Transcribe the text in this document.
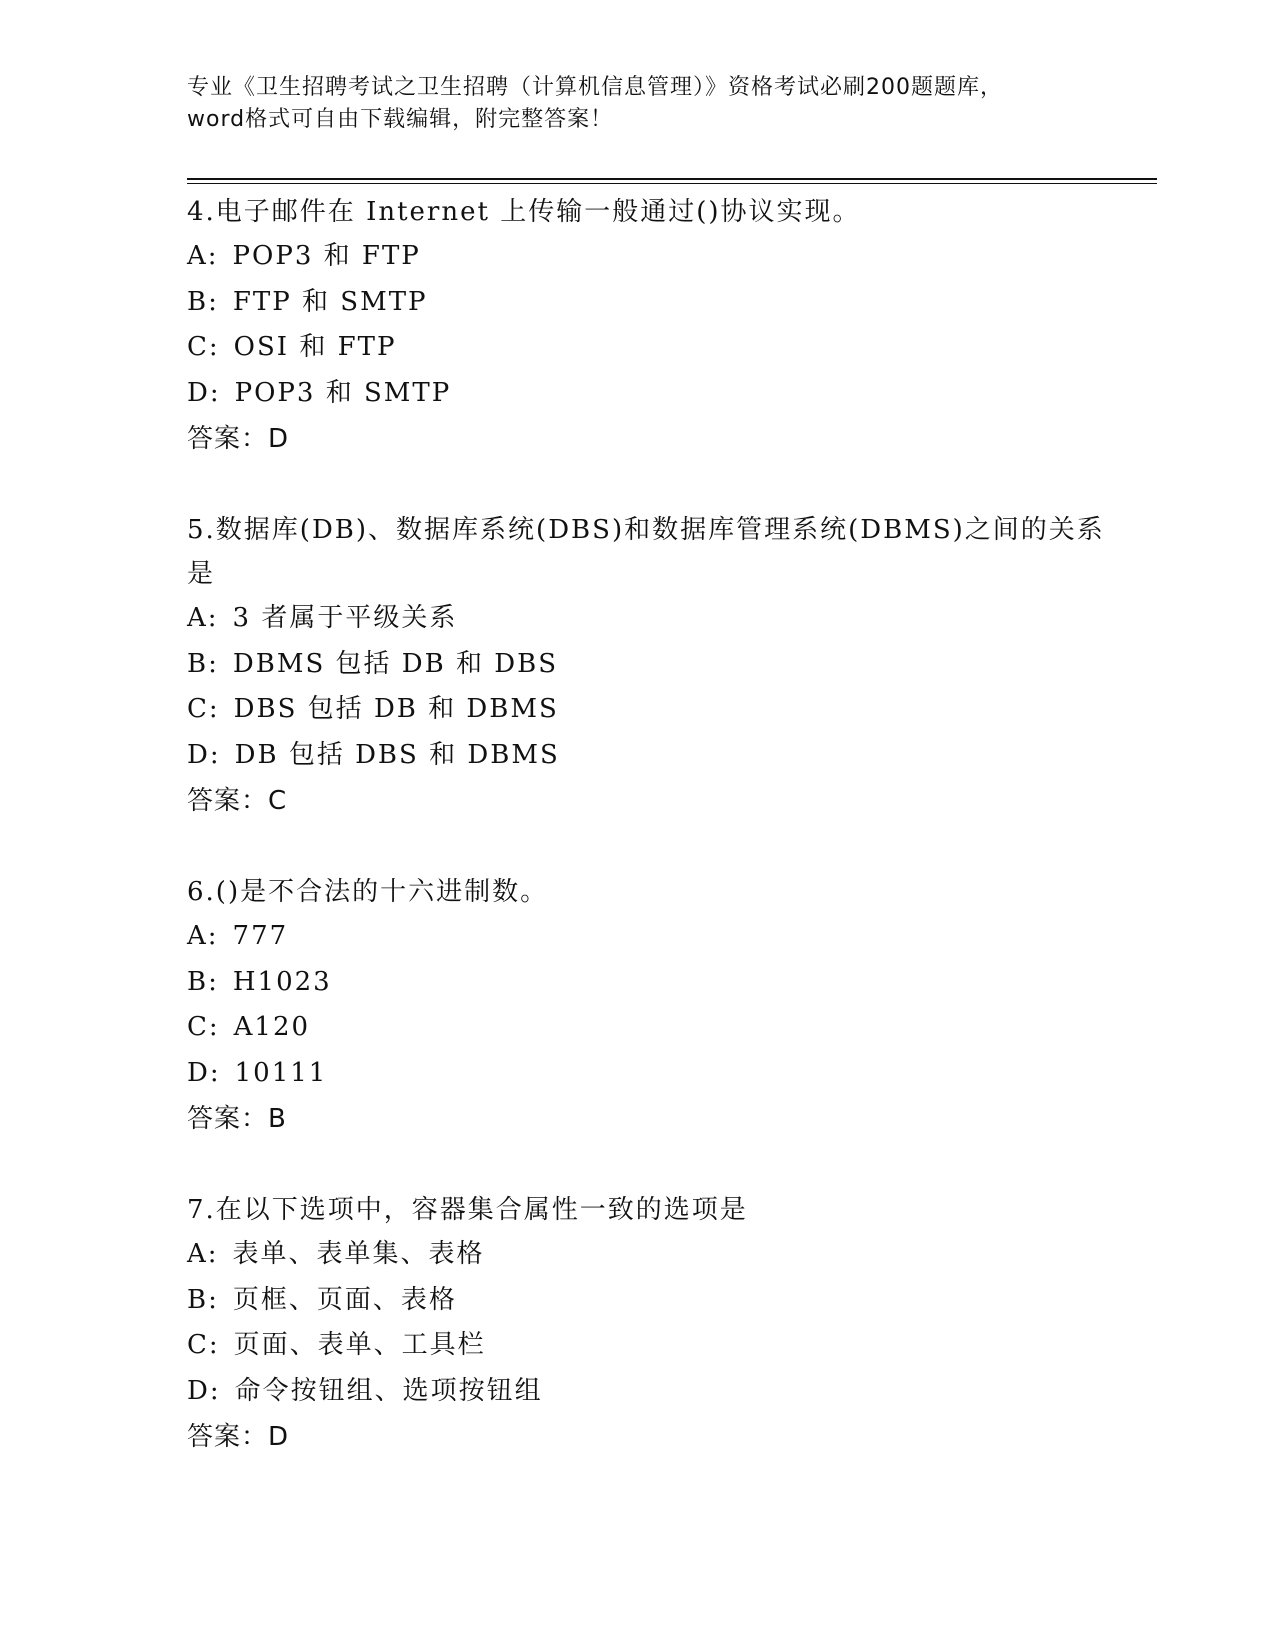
专业《卫生招聘考试之卫生招聘（计算机信息管理）》资格考试必刷200题题库，
word格式可自由下载编辑，附完整答案！
4.电子邮件在 Internet 上传输一般通过()协议实现。
A: POP3 和 FTP
B: FTP 和 SMTP
C: OSI 和 FTP
D: POP3 和 SMTP
答案：D
5.数据库(DB)、数据库系统(DBS)和数据库管理系统(DBMS)之间的关系
是
A: 3 者属于平级关系
B: DBMS 包括 DB 和 DBS
C: DBS 包括 DB 和 DBMS
D: DB 包括 DBS 和 DBMS
答案：C
6.()是不合法的十六进制数。
A: 777
B: H1023
C: A120
D: 10111
答案：B
7.在以下选项中，容器集合属性一致的选项是
A: 表单、表单集、表格
B: 页框、页面、表格
C: 页面、表单、工具栏
D: 命令按钮组、选项按钮组
答案：D
